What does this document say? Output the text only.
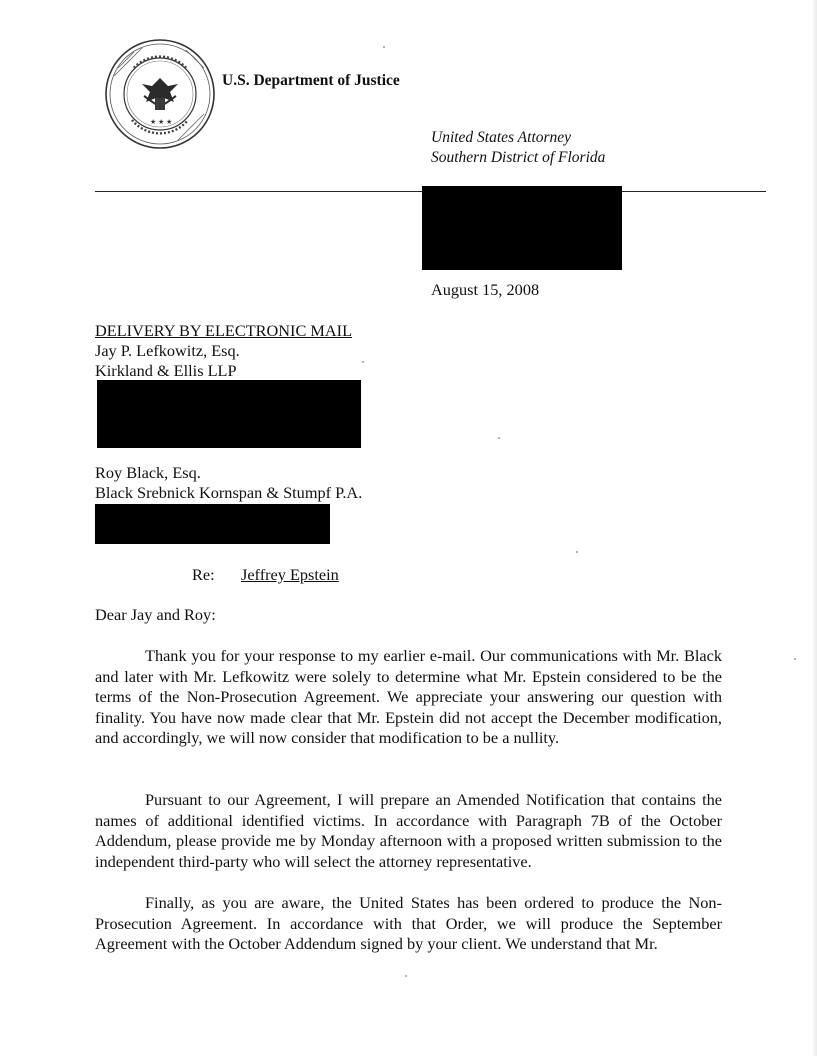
★ ★ ★
U.S. Department of Justice
United States Attorney
Southern District of Florida
August 15, 2008
DELIVERY BY ELECTRONIC MAIL
Jay P. Lefkowitz, Esq.
Kirkland & Ellis LLP
Roy Black, Esq.
Black Srebnick Kornspan & Stumpf P.A.
Re: Jeffrey Epstein
Dear Jay and Roy:

Thank you for your response to my earlier e-mail. Our communications with Mr. Black and later with Mr. Lefkowitz were solely to determine what Mr. Epstein considered to be the terms of the Non-Prosecution Agreement. We appreciate your answering our question with finality. You have now made clear that Mr. Epstein did not accept the December modification, and accordingly, we will now consider that modification to be a nullity.

Pursuant to our Agreement, I will prepare an Amended Notification that contains the names of additional identified victims. In accordance with Paragraph 7B of the October Addendum, please provide me by Monday afternoon with a proposed written submission to the independent third-party who will select the attorney representative.

Finally, as you are aware, the United States has been ordered to produce the Non-Prosecution Agreement. In accordance with that Order, we will produce the September Agreement with the October Addendum signed by your client. We understand that Mr.
